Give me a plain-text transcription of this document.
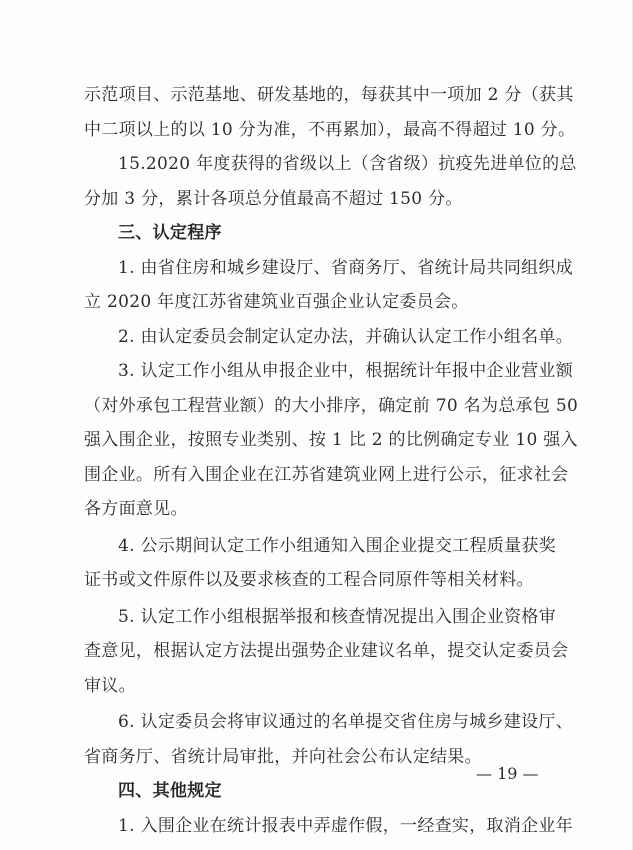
示范项目、示范基地、研发基地的，每获其中一项加 2 分（获其
中二项以上的以 10 分为准，不再累加），最高不得超过 10 分。
15.2020 年度获得的省级以上（含省级）抗疫先进单位的总
分加 3 分，累计各项总分值最高不超过 150 分。
三、认定程序
1. 由省住房和城乡建设厅、省商务厅、省统计局共同组织成
立 2020 年度江苏省建筑业百强企业认定委员会。
2. 由认定委员会制定认定办法，并确认认定工作小组名单。
3. 认定工作小组从申报企业中，根据统计年报中企业营业额
（对外承包工程营业额）的大小排序，确定前 70 名为总承包 50
强入围企业，按照专业类别、按 1 比 2 的比例确定专业 10 强入
围企业。所有入围企业在江苏省建筑业网上进行公示，征求社会
各方面意见。
4. 公示期间认定工作小组通知入围企业提交工程质量获奖
证书或文件原件以及要求核查的工程合同原件等相关材料。
5. 认定工作小组根据举报和核查情况提出入围企业资格审
查意见，根据认定方法提出强势企业建议名单，提交认定委员会
审议。
6. 认定委员会将审议通过的名单提交省住房与城乡建设厅、
省商务厅、省统计局审批，并向社会公布认定结果。
四、其他规定
1. 入围企业在统计报表中弄虚作假，一经查实，取消企业年
— 19 —
